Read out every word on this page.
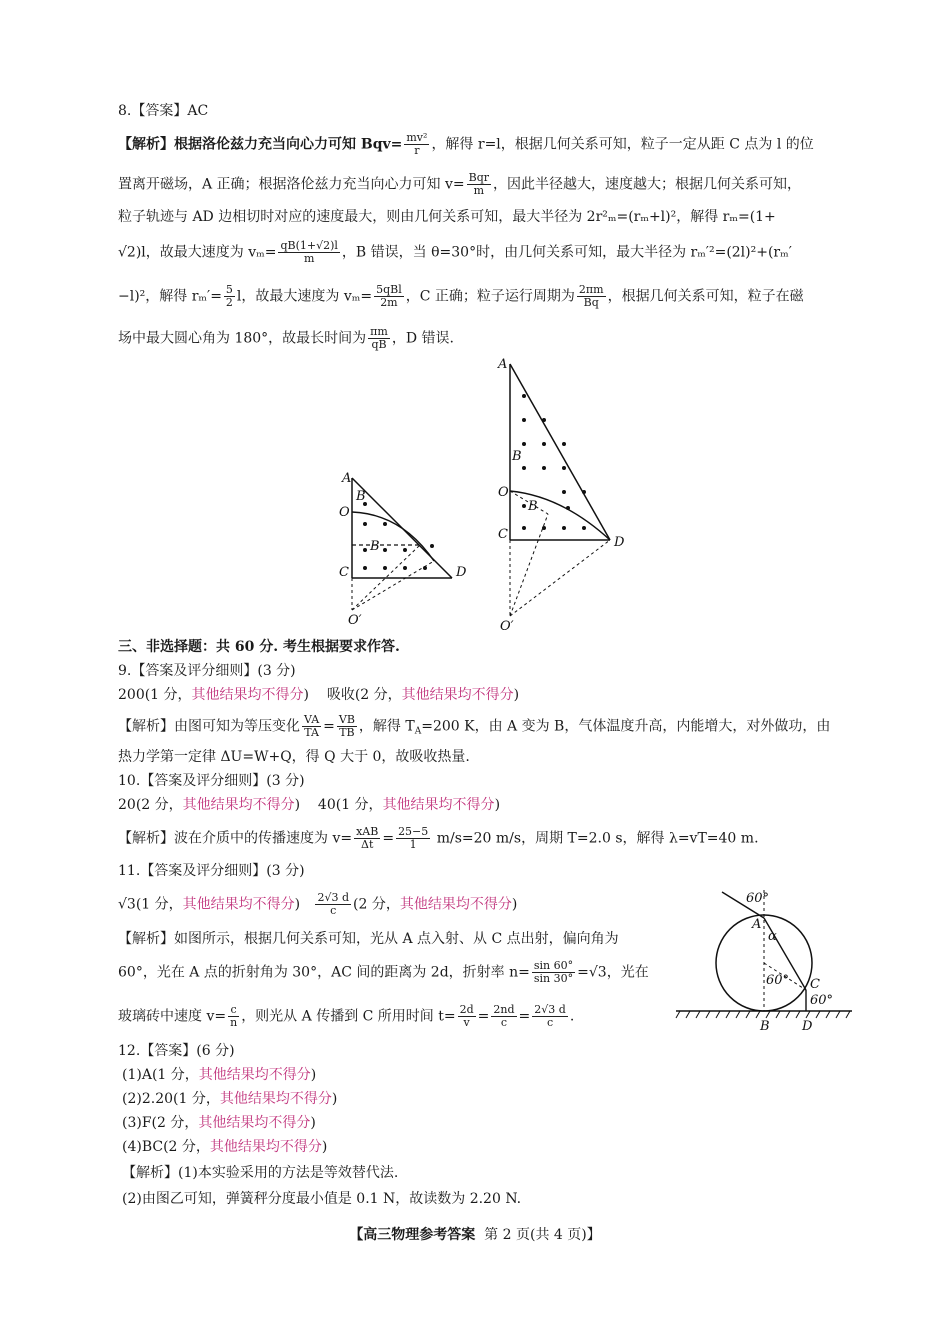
8.【答案】AC
【解析】根据洛伦兹力充当向心力可知 $Bqv= \frac{\text{mv²}}{r}$ ，解得 r=l，根据几何关系可知，粒子一定从距 C 点为 l 的位
置离开磁场，A 正确；根据洛伦兹力充当向心力可知 v= Bqr
m ，因此半径越大，速度越大；根据几何关系可知，
粒子轨迹与 AD 边相切时对应的速度最大，则由几何关系可知，最大半径为 2r²ₘ=(rₘ+l)²，解得 rₘ=(1+
√2)l，故最大速度为 $v_m= \frac{qB(1+√2)l}{m}$ ，B 错误，当 θ=30°时，由几何关系可知，最大半径为 rₘ′²=(2l)²+(rₘ′
−l)²，解得 $r_m'= \frac{5}{2}$ l，故最大速度为 vₘ= 5qBl
2m ，C 正确；粒子运行周期为 $\frac{2\pi m}{Bq}$ ，根据几何关系可知，粒子在磁
场中最大圆心角为 180°，故最长时间为 $\frac{\pi m}{qB}$ ，D 错误.
A
B
O
B
C	D
O′
A
B
O
B
C
D
O′
三、非选择题：共 60 分. 考生根据要求作答.
9.【答案及评分细则】(3 分)
200(1 分，其他结果均不得分) 吸收(2 分，其他结果均不得分)
【解析】由图可知为等压变化 $\frac{VA}{TA} = \frac{VB}{TB}$ ，解得 $T_A=200$ K，由 A 变为 B，气体温度升高，内能增大，对外做功，由
热力学第一定律 ΔU=W+Q，得 Q 大于 0，故吸收热量.
10.【答案及评分细则】(3 分)
20(2 分，其他结果均不得分) 40(1 分，其他结果均不得分)
【解析】波在介质中的传播速度为 v= xAB
$\Delta t = \frac{25-5}{1} m/s=20$ m/s，周期 T=2.0 s，解得 λ=vT=40 m.
11.【答案及评分细则】(3 分)
√3(1 分，其他结果均不得分) $\frac{2√3 d}{c} (2$ 分，其他结果均不得分)
【解析】如图所示，根据几何关系可知，光从 A 点入射、从 C 点出射，偏向角为
60°，光在 A 点的折射角为 30°，AC 间的距离为 2d，折射率 $n= \frac{\sin 60^\circ}{\sin 30^\circ} =√3$，光在
玻璃砖中速度 $v= \frac{c}{n}$ ，则光从 A 传播到 C 所用时间 $t= \frac{2d}{v} = \frac{2nd}{c} = \frac{2√3 d}{c}$ .
60°
A
α
60° C
60°
B D
12.【答案】(6 分)
(1)A(1 分，其他结果均不得分)
(2)2.20(1 分，其他结果均不得分)
(3)F(2 分，其他结果均不得分)
(4)BC(2 分，其他结果均不得分)
【解析】(1)本实验采用的方法是等效替代法.
(2)由图乙可知，弹簧秤分度最小值是 0.1 N，故读数为 2.20 N.
【高三物理参考答案 第 2 页(共 4 页)】
